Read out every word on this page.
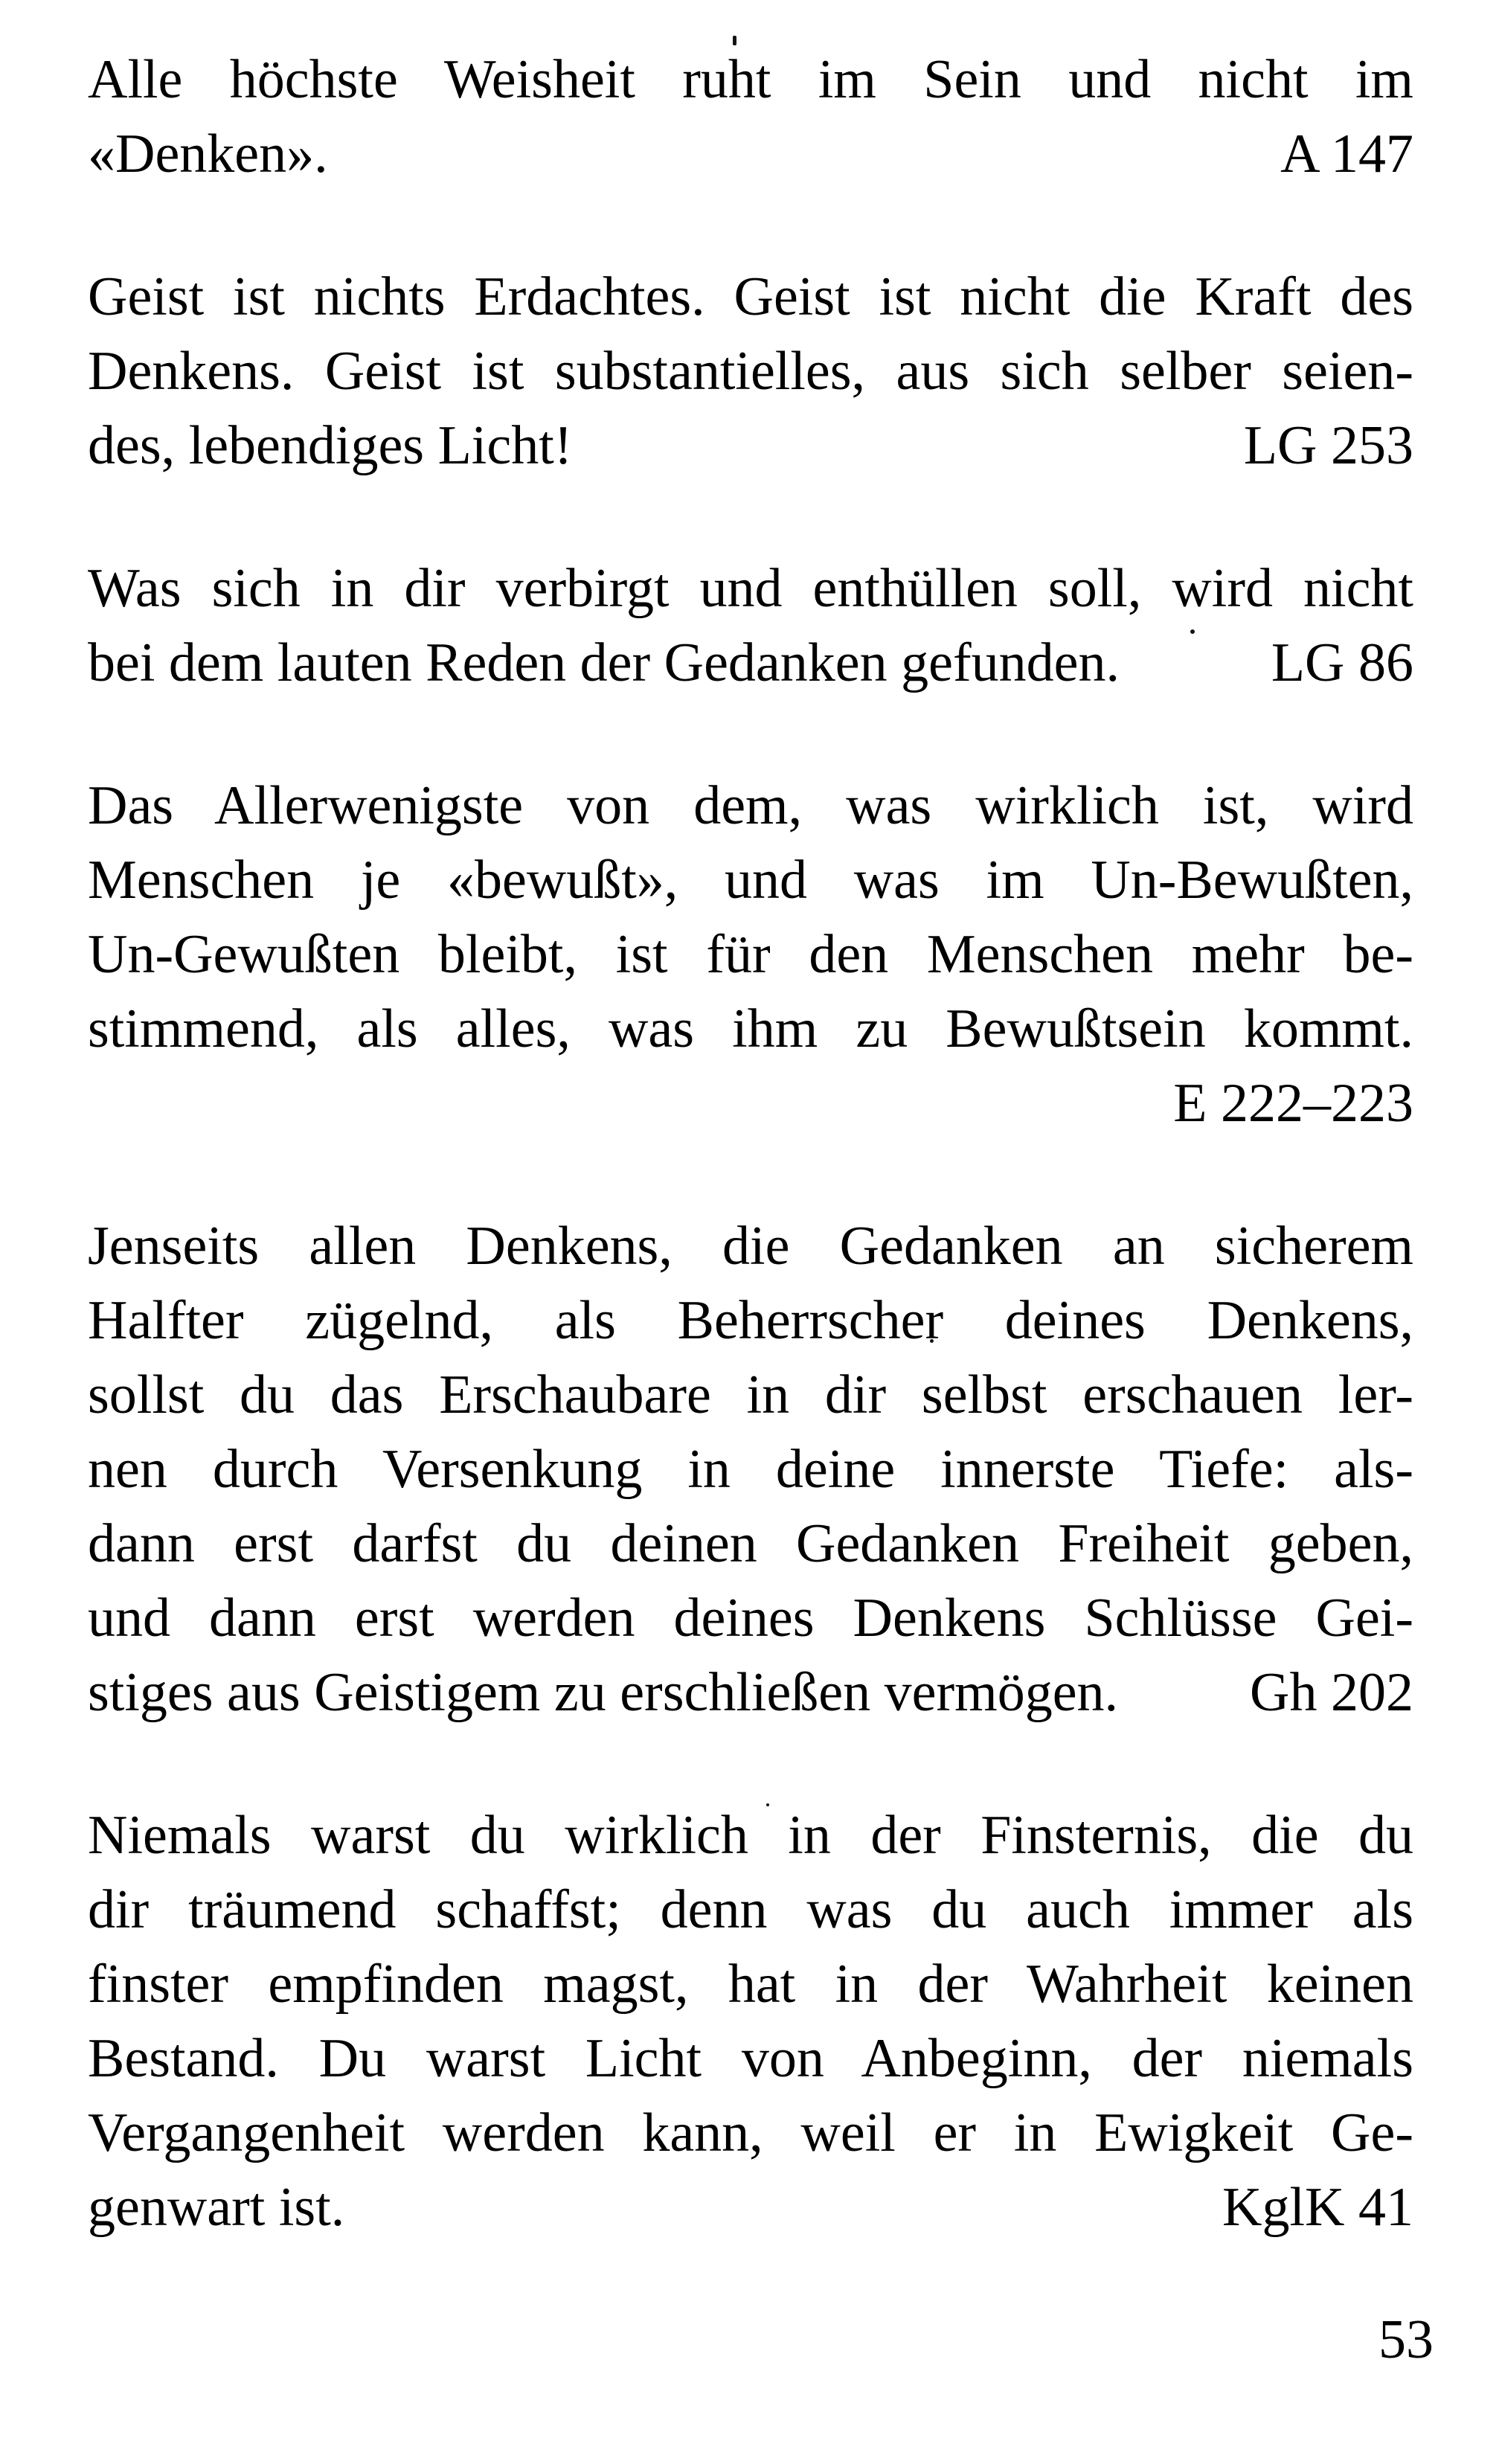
Alle höchste Weisheit ruht im Sein und nicht im
«Denken».	A 147

Geist ist nichts Erdachtes. Geist ist nicht die Kraft des
Denkens. Geist ist substantielles, aus sich selber seien-
des, lebendiges Licht!	LG 253

Was sich in dir verbirgt und enthüllen soll, wird nicht
bei dem lauten Reden der Gedanken gefunden.	LG 86

Das Allerwenigste von dem, was wirklich ist, wird
Menschen je «bewußt», und was im Un-Bewußten,
Un-Gewußten bleibt, ist für den Menschen mehr be-
stimmend, als alles, was ihm zu Bewußtsein kommt.
E 222–223

Jenseits allen Denkens, die Gedanken an sicherem
Halfter zügelnd, als Beherrscher deines Denkens,
sollst du das Erschaubare in dir selbst erschauen ler-
nen durch Versenkung in deine innerste Tiefe: als-
dann erst darfst du deinen Gedanken Freiheit geben,
und dann erst werden deines Denkens Schlüsse Gei-
stiges aus Geistigem zu erschließen vermögen. Gh 202

Niemals warst du wirklich in der Finsternis, die du
dir träumend schaffst; denn was du auch immer als
finster empfinden magst, hat in der Wahrheit keinen
Bestand. Du warst Licht von Anbeginn, der niemals
Vergangenheit werden kann, weil er in Ewigkeit Ge-
genwart ist.	KglK 41

53
